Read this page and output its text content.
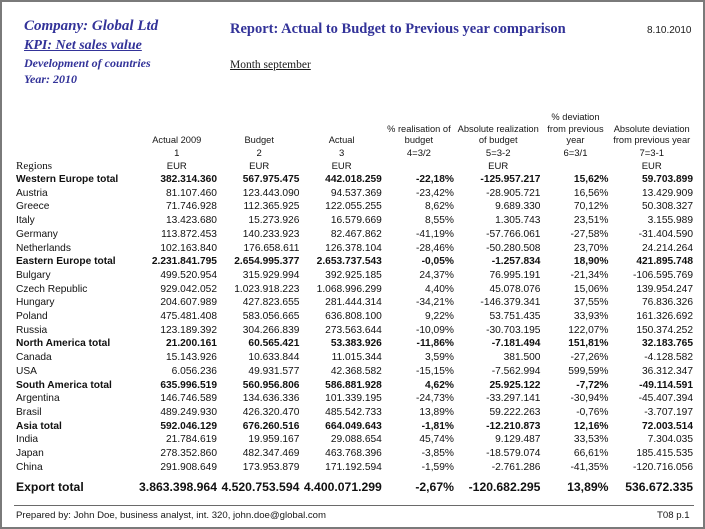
Company: Global Ltd
KPI: Net sales value
Development of countries
Year: 2010
Report: Actual to Budget to Previous year comparison	8.10.2010
Month september
	Actual 2009	Budget	Actual	% realisation of budget	Absolute realization of budget	% deviation from previous year	Absolute deviation from previous year
	1	2	3	4=3/2	5=3-2	6=3/1	7=3-1
Regions	EUR	EUR	EUR		EUR		EUR
Western Europe total	382.314.360	567.975.475	442.018.259	-22,18%	-125.957.217	15,62%	59.703.899
Austria	81.107.460	123.443.090	94.537.369	-23,42%	-28.905.721	16,56%	13.429.909
Greece	71.746.928	112.365.925	122.055.255	8,62%	9.689.330	70,12%	50.308.327
Italy	13.423.680	15.273.926	16.579.669	8,55%	1.305.743	23,51%	3.155.989
Germany	113.872.453	140.233.923	82.467.862	-41,19%	-57.766.061	-27,58%	-31.404.590
Netherlands	102.163.840	176.658.611	126.378.104	-28,46%	-50.280.508	23,70%	24.214.264
Eastern Europe total	2.231.841.795	2.654.995.377	2.653.737.543	-0,05%	-1.257.834	18,90%	421.895.748
Bulgary	499.520.954	315.929.994	392.925.185	24,37%	76.995.191	-21,34%	-106.595.769
Czech Republic	929.042.052	1.023.918.223	1.068.996.299	4,40%	45.078.076	15,06%	139.954.247
Hungary	204.607.989	427.823.655	281.444.314	-34,21%	-146.379.341	37,55%	76.836.326
Poland	475.481.408	583.056.665	636.808.100	9,22%	53.751.435	33,93%	161.326.692
Russia	123.189.392	304.266.839	273.563.644	-10,09%	-30.703.195	122,07%	150.374.252
North America total	21.200.161	60.565.421	53.383.926	-11,86%	-7.181.494	151,81%	32.183.765
Canada	15.143.926	10.633.844	11.015.344	3,59%	381.500	-27,26%	-4.128.582
USA	6.056.236	49.931.577	42.368.582	-15,15%	-7.562.994	599,59%	36.312.347
South America total	635.996.519	560.956.806	586.881.928	4,62%	25.925.122	-7,72%	-49.114.591
Argentina	146.746.589	134.636.336	101.339.195	-24,73%	-33.297.141	-30,94%	-45.407.394
Brasil	489.249.930	426.320.470	485.542.733	13,89%	59.222.263	-0,76%	-3.707.197
Asia total	592.046.129	676.260.516	664.049.643	-1,81%	-12.210.873	12,16%	72.003.514
India	21.784.619	19.959.167	29.088.654	45,74%	9.129.487	33,53%	7.304.035
Japan	278.352.860	482.347.469	463.768.396	-3,85%	-18.579.074	66,61%	185.415.535
China	291.908.649	173.953.879	171.192.594	-1,59%	-2.761.286	-41,35%	-120.716.056
Export total	3.863.398.964	4.520.753.594	4.400.071.299	-2,67%	-120.682.295	13,89%	536.672.335
Prepared by: John Doe, business analyst, int. 320, john.doe@global.com	T08 p.1
